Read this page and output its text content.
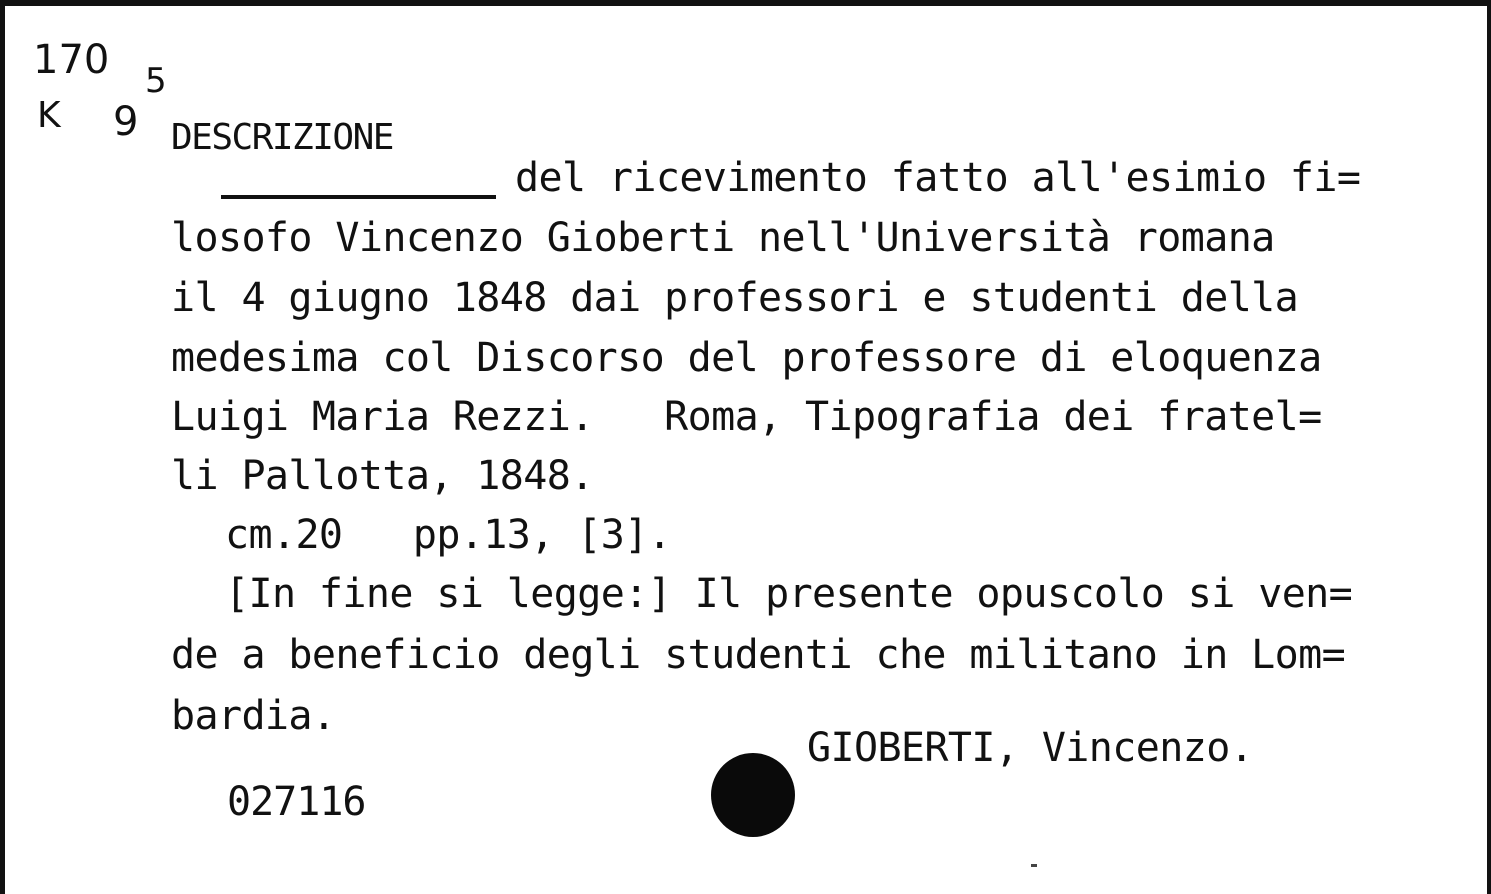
170
K 9
5
DESCRIZIONE
del ricevimento fatto all'esimio fi=
losofo Vincenzo Gioberti nell'Università romana
il 4 giugno 1848 dai professori e studenti della
medesima col Discorso del professore di eloquenza
Luigi Maria Rezzi.   Roma, Tipografia dei fratel=
li Pallotta, 1848.
cm.20   pp.13, [3].
[In fine si legge:] Il presente opuscolo si ven=
de a beneficio degli studenti che militano in Lom=
bardia.
GIOBERTI, Vincenzo.
027116
